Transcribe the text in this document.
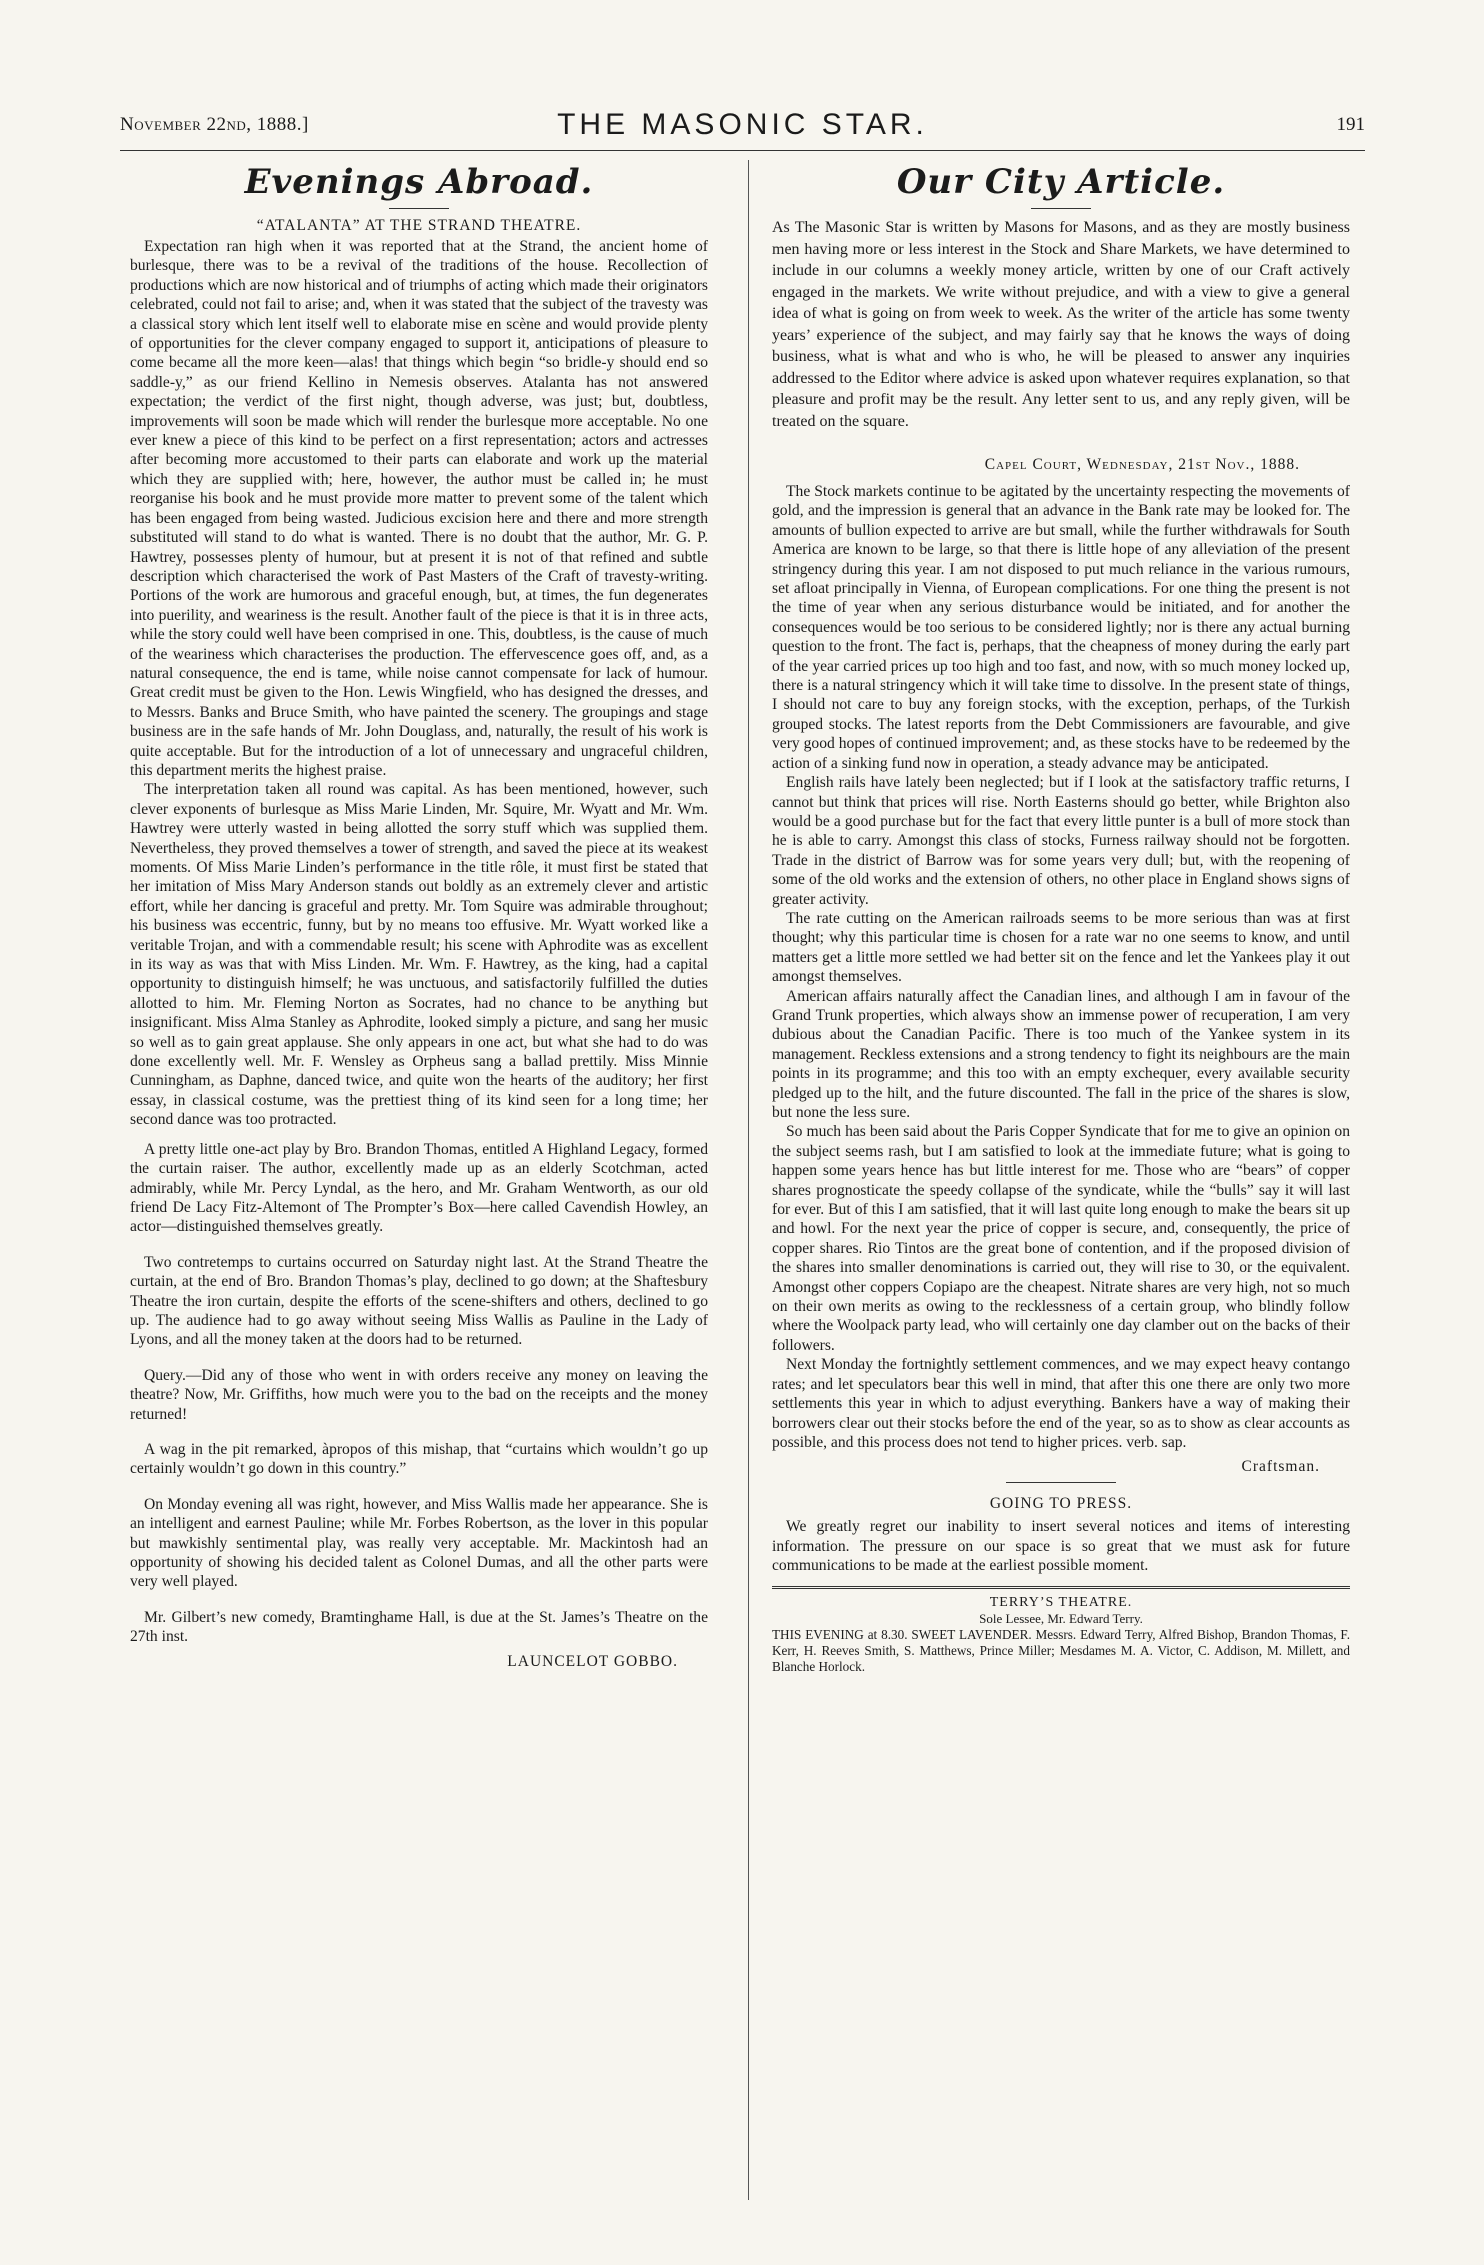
November 22nd, 1888.]	THE MASONIC STAR.	191
Evenings Abroad.
“ATALANTA” AT THE STRAND THEATRE.

Expectation ran high when it was reported that at the Strand, the ancient home of burlesque, there was to be a revival of the traditions of the house. Recollection of productions which are now historical and of triumphs of acting which made their originators celebrated, could not fail to arise; and, when it was stated that the subject of the travesty was a classical story which lent itself well to elaborate mise en scène and would provide plenty of opportunities for the clever company engaged to support it, anticipations of pleasure to come became all the more keen—alas! that things which begin “so bridle-y should end so saddle-y,” as our friend Kellino in Nemesis observes. Atalanta has not answered expectation; the verdict of the first night, though adverse, was just; but, doubtless, improvements will soon be made which will render the burlesque more acceptable. No one ever knew a piece of this kind to be perfect on a first representation; actors and actresses after becoming more accustomed to their parts can elaborate and work up the material which they are supplied with; here, however, the author must be called in; he must reorganise his book and he must provide more matter to prevent some of the talent which has been engaged from being wasted. Judicious excision here and there and more strength substituted will stand to do what is wanted. There is no doubt that the author, Mr. G. P. Hawtrey, possesses plenty of humour, but at present it is not of that refined and subtle description which characterised the work of Past Masters of the Craft of travesty-writing. Portions of the work are humorous and graceful enough, but, at times, the fun degenerates into puerility, and weariness is the result. Another fault of the piece is that it is in three acts, while the story could well have been comprised in one. This, doubtless, is the cause of much of the weariness which characterises the production. The effervescence goes off, and, as a natural consequence, the end is tame, while noise cannot compensate for lack of humour. Great credit must be given to the Hon. Lewis Wingfield, who has designed the dresses, and to Messrs. Banks and Bruce Smith, who have painted the scenery. The groupings and stage business are in the safe hands of Mr. John Douglass, and, naturally, the result of his work is quite acceptable. But for the introduction of a lot of unnecessary and ungraceful children, this department merits the highest praise.

The interpretation taken all round was capital. As has been mentioned, however, such clever exponents of burlesque as Miss Marie Linden, Mr. Squire, Mr. Wyatt and Mr. Wm. Hawtrey were utterly wasted in being allotted the sorry stuff which was supplied them. Nevertheless, they proved themselves a tower of strength, and saved the piece at its weakest moments. Of Miss Marie Linden’s performance in the title rôle, it must first be stated that her imitation of Miss Mary Anderson stands out boldly as an extremely clever and artistic effort, while her dancing is graceful and pretty. Mr. Tom Squire was admirable throughout; his business was eccentric, funny, but by no means too effusive. Mr. Wyatt worked like a veritable Trojan, and with a commendable result; his scene with Aphrodite was as excellent in its way as was that with Miss Linden. Mr. Wm. F. Hawtrey, as the king, had a capital opportunity to distinguish himself; he was unctuous, and satisfactorily fulfilled the duties allotted to him. Mr. Fleming Norton as Socrates, had no chance to be anything but insignificant. Miss Alma Stanley as Aphrodite, looked simply a picture, and sang her music so well as to gain great applause. She only appears in one act, but what she had to do was done excellently well. Mr. F. Wensley as Orpheus sang a ballad prettily. Miss Minnie Cunningham, as Daphne, danced twice, and quite won the hearts of the auditory; her first essay, in classical costume, was the prettiest thing of its kind seen for a long time; her second dance was too protracted.

A pretty little one-act play by Bro. Brandon Thomas, entitled A Highland Legacy, formed the curtain raiser. The author, excellently made up as an elderly Scotchman, acted admirably, while Mr. Percy Lyndal, as the hero, and Mr. Graham Wentworth, as our old friend De Lacy Fitz-Altemont of The Prompter’s Box—here called Cavendish Howley, an actor—distinguished themselves greatly.

Two contretemps to curtains occurred on Saturday night last. At the Strand Theatre the curtain, at the end of Bro. Brandon Thomas’s play, declined to go down; at the Shaftesbury Theatre the iron curtain, despite the efforts of the scene-shifters and others, declined to go up. The audience had to go away without seeing Miss Wallis as Pauline in the Lady of Lyons, and all the money taken at the doors had to be returned.

Query.—Did any of those who went in with orders receive any money on leaving the theatre? Now, Mr. Griffiths, how much were you to the bad on the receipts and the money returned!

A wag in the pit remarked, àpropos of this mishap, that “curtains which wouldn’t go up certainly wouldn’t go down in this country.”

On Monday evening all was right, however, and Miss Wallis made her appearance. She is an intelligent and earnest Pauline; while Mr. Forbes Robertson, as the lover in this popular but mawkishly sentimental play, was really very acceptable. Mr. Mackintosh had an opportunity of showing his decided talent as Colonel Dumas, and all the other parts were very well played.

Mr. Gilbert’s new comedy, Bramtinghame Hall, is due at the St. James’s Theatre on the 27th inst.

LAUNCELOT GOBBO.
Our City Article.

As The Masonic Star is written by Masons for Masons, and as they are mostly business men having more or less interest in the Stock and Share Markets, we have determined to include in our columns a weekly money article, written by one of our Craft actively engaged in the markets. We write without prejudice, and with a view to give a general idea of what is going on from week to week. As the writer of the article has some twenty years’ experience of the subject, and may fairly say that he knows the ways of doing business, what is what and who is who, he will be pleased to answer any inquiries addressed to the Editor where advice is asked upon whatever requires explanation, so that pleasure and profit may be the result. Any letter sent to us, and any reply given, will be treated on the square.

Capel Court, Wednesday, 21st Nov., 1888.

The Stock markets continue to be agitated by the uncertainty respecting the movements of gold, and the impression is general that an advance in the Bank rate may be looked for. The amounts of bullion expected to arrive are but small, while the further withdrawals for South America are known to be large, so that there is little hope of any alleviation of the present stringency during this year. I am not disposed to put much reliance in the various rumours, set afloat principally in Vienna, of European complications. For one thing the present is not the time of year when any serious disturbance would be initiated, and for another the consequences would be too serious to be considered lightly; nor is there any actual burning question to the front. The fact is, perhaps, that the cheapness of money during the early part of the year carried prices up too high and too fast, and now, with so much money locked up, there is a natural stringency which it will take time to dissolve. In the present state of things, I should not care to buy any foreign stocks, with the exception, perhaps, of the Turkish grouped stocks. The latest reports from the Debt Commissioners are favourable, and give very good hopes of continued improvement; and, as these stocks have to be redeemed by the action of a sinking fund now in operation, a steady advance may be anticipated.

English rails have lately been neglected; but if I look at the satisfactory traffic returns, I cannot but think that prices will rise. North Easterns should go better, while Brighton also would be a good purchase but for the fact that every little punter is a bull of more stock than he is able to carry. Amongst this class of stocks, Furness railway should not be forgotten. Trade in the district of Barrow was for some years very dull; but, with the reopening of some of the old works and the extension of others, no other place in England shows signs of greater activity.

The rate cutting on the American railroads seems to be more serious than was at first thought; why this particular time is chosen for a rate war no one seems to know, and until matters get a little more settled we had better sit on the fence and let the Yankees play it out amongst themselves.

American affairs naturally affect the Canadian lines, and although I am in favour of the Grand Trunk properties, which always show an immense power of recuperation, I am very dubious about the Canadian Pacific. There is too much of the Yankee system in its management. Reckless extensions and a strong tendency to fight its neighbours are the main points in its programme; and this too with an empty exchequer, every available security pledged up to the hilt, and the future discounted. The fall in the price of the shares is slow, but none the less sure.

So much has been said about the Paris Copper Syndicate that for me to give an opinion on the subject seems rash, but I am satisfied to look at the immediate future; what is going to happen some years hence has but little interest for me. Those who are “bears” of copper shares prognosticate the speedy collapse of the syndicate, while the “bulls” say it will last for ever. But of this I am satisfied, that it will last quite long enough to make the bears sit up and howl. For the next year the price of copper is secure, and, consequently, the price of copper shares. Rio Tintos are the great bone of contention, and if the proposed division of the shares into smaller denominations is carried out, they will rise to 30, or the equivalent. Amongst other coppers Copiapo are the cheapest. Nitrate shares are very high, not so much on their own merits as owing to the recklessness of a certain group, who blindly follow where the Woolpack party lead, who will certainly one day clamber out on the backs of their followers.

Next Monday the fortnightly settlement commences, and we may expect heavy contango rates; and let speculators bear this well in mind, that after this one there are only two more settlements this year in which to adjust everything. Bankers have a way of making their borrowers clear out their stocks before the end of the year, so as to show as clear accounts as possible, and this process does not tend to higher prices. verb. sap.

Craftsman.
GOING TO PRESS.

We greatly regret our inability to insert several notices and items of interesting information. The pressure on our space is so great that we must ask for future communications to be made at the earliest possible moment.

TERRY’S THEATRE.
Sole Lessee, Mr. Edward Terry.
THIS EVENING at 8.30. SWEET LAVENDER. Messrs. Edward Terry, Alfred Bishop, Brandon Thomas, F. Kerr, H. Reeves Smith, S. Matthews, Prince Miller; Mesdames M. A. Victor, C. Addison, M. Millett, and Blanche Horlock.
